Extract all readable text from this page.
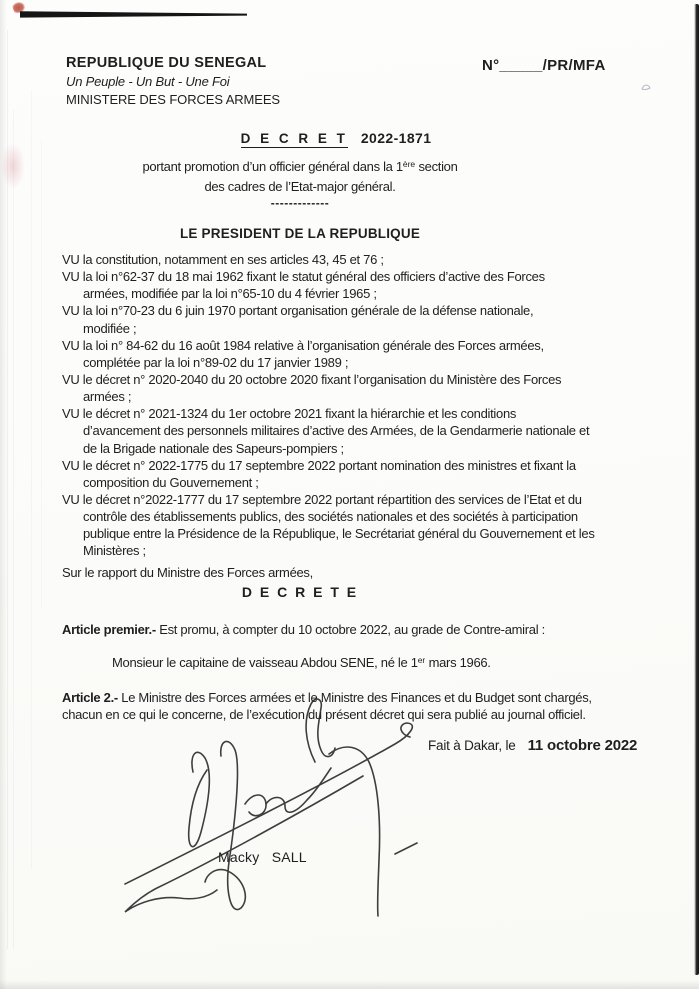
REPUBLIQUE DU SENEGAL
Un Peuple - Un But - Une Foi
MINISTERE DES FORCES ARMEES
N°_____/PR/MFA
D E C R E T 2022-1871
portant promotion d’un officier général dans la 1ère section
des cadres de l’Etat-major général.
-------------
LE PRESIDENT DE LA REPUBLIQUE
VU la constitution, notamment en ses articles 43, 45 et 76 ;
VU la loi n°62-37 du 18 mai 1962 fixant le statut général des officiers d’active des Forces
armées, modifiée par la loi n°65-10 du 4 février 1965 ;
VU la loi n°70-23 du 6 juin 1970 portant organisation générale de la défense nationale,
modifiée ;
VU la loi n° 84-62 du 16 août 1984 relative à l’organisation générale des Forces armées,
complétée par la loi n°89-02 du 17 janvier 1989 ;
VU le décret n° 2020-2040 du 20 octobre 2020 fixant l’organisation du Ministère des Forces
armées ;
VU le décret n° 2021-1324 du 1er octobre 2021 fixant la hiérarchie et les conditions
d’avancement des personnels militaires d’active des Armées, de la Gendarmerie nationale et
de la Brigade nationale des Sapeurs-pompiers ;
VU le décret n° 2022-1775 du 17 septembre 2022 portant nomination des ministres et fixant la
composition du Gouvernement ;
VU le décret n°2022-1777 du 17 septembre 2022 portant répartition des services de l’Etat et du
contrôle des établissements publics, des sociétés nationales et des sociétés à participation
publique entre la Présidence de la République, le Secrétariat général du Gouvernement et les
Ministères ;
Sur le rapport du Ministre des Forces armées,
D E C R E T E
Article premier.- Est promu, à compter du 10 octobre 2022, au grade de Contre-amiral :
Monsieur le capitaine de vaisseau Abdou SENE, né le 1er mars 1966.
Article 2.- Le Ministre des Forces armées et le Ministre des Finances et du Budget sont chargés,
chacun en ce qui le concerne, de l’exécution du présent décret qui sera publié au journal officiel.
Fait à Dakar, le 11 octobre 2022
Macky   SALL
